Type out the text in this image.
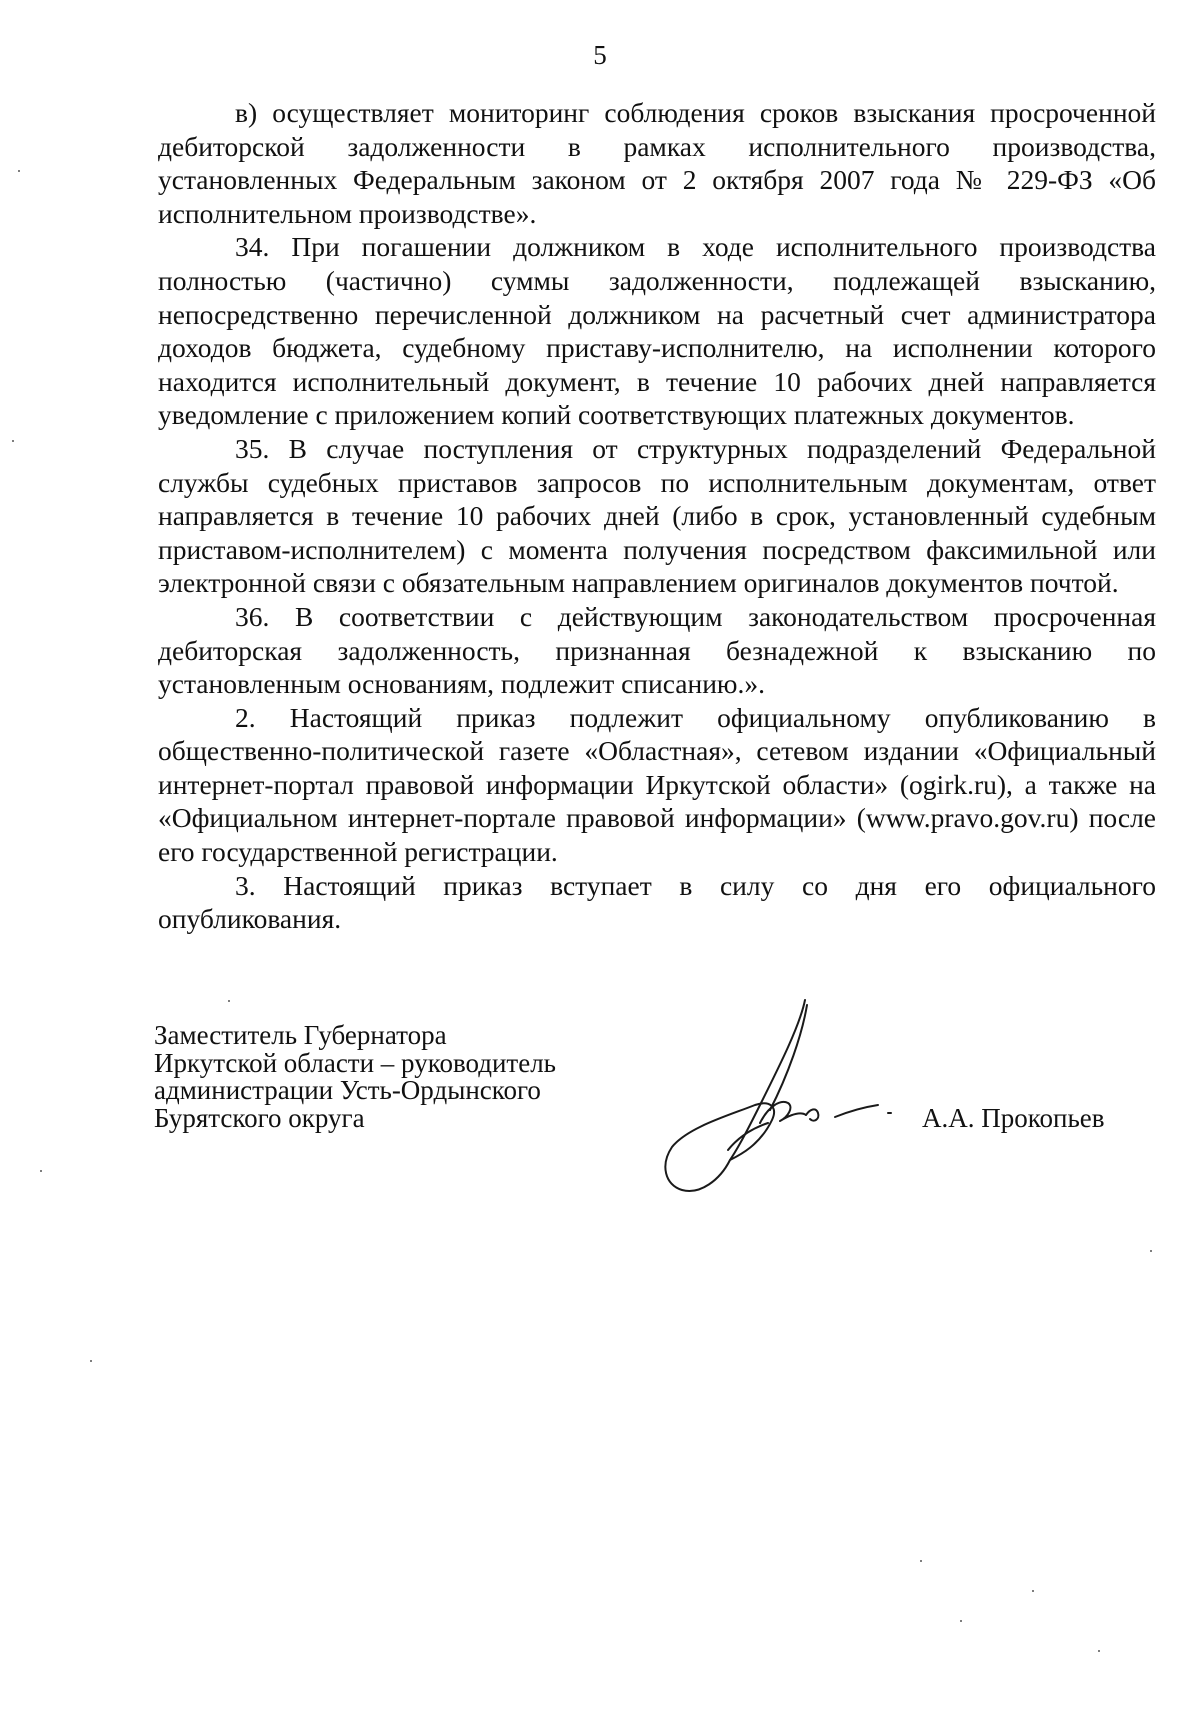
5

в) осуществляет мониторинг соблюдения сроков взыскания просроченной дебиторской задолженности в рамках исполнительного производства, установленных Федеральным законом от 2 октября 2007 года № 229-ФЗ «Об исполнительном производстве».

34. При погашении должником в ходе исполнительного производства полностью (частично) суммы задолженности, подлежащей взысканию, непосредственно перечисленной должником на расчетный счет администратора доходов бюджета, судебному приставу-исполнителю, на исполнении которого находится исполнительный документ, в течение 10 рабочих дней направляется уведомление с приложением копий соответствующих платежных документов.

35. В случае поступления от структурных подразделений Федеральной службы судебных приставов запросов по исполнительным документам, ответ направляется в течение 10 рабочих дней (либо в срок, установленный судебным приставом-исполнителем) с момента получения посредством факсимильной или электронной связи с обязательным направлением оригиналов документов почтой.

36. В соответствии с действующим законодательством просроченная дебиторская задолженность, признанная безнадежной к взысканию по установленным основаниям, подлежит списанию.».

2. Настоящий приказ подлежит официальному опубликованию в общественно-политической газете «Областная», сетевом издании «Официальный интернет-портал правовой информации Иркутской области» (ogirk.ru), а также на «Официальном интернет-портале правовой информации» (www.pravo.gov.ru) после его государственной регистрации.

3. Настоящий приказ вступает в силу со дня его официального опубликования.

Заместитель Губернатора
Иркутской области – руководитель
администрации Усть-Ордынского
Бурятского округа	А.А. Прокопьев
